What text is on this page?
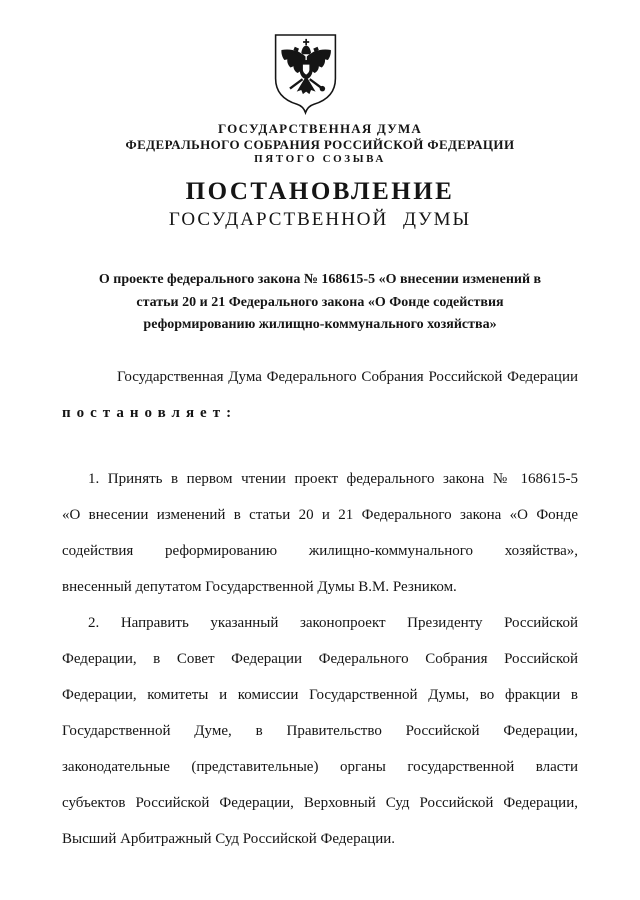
ГОСУДАРСТВЕННАЯ ДУМА
ФЕДЕРАЛЬНОГО СОБРАНИЯ РОССИЙСКОЙ ФЕДЕРАЦИИ
ПЯТОГО СОЗЫВА
ПОСТАНОВЛЕНИЕ
ГОСУДАРСТВЕННОЙ ДУМЫ
О проекте федерального закона № 168615-5 «О внесении изменений в
статьи 20 и 21 Федерального закона «О Фонде содействия
реформированию жилищно-коммунального хозяйства»
Государственная Дума Федерального Собрания Российской Федерации
постановляет:
1. Принять в первом чтении проект федерального закона № 168615-5
«О внесении изменений в статьи 20 и 21 Федерального закона «О Фонде
содействия реформированию жилищно-коммунального хозяйства»,
внесенный депутатом Государственной Думы В.М. Резником.
2. Направить указанный законопроект Президенту Российской
Федерации, в Совет Федерации Федерального Собрания Российской
Федерации, комитеты и комиссии Государственной Думы, во фракции в
Государственной Думе, в Правительство Российской Федерации,
законодательные (представительные) органы государственной власти
субъектов Российской Федерации, Верховный Суд Российской Федерации,
Высший Арбитражный Суд Российской Федерации.
